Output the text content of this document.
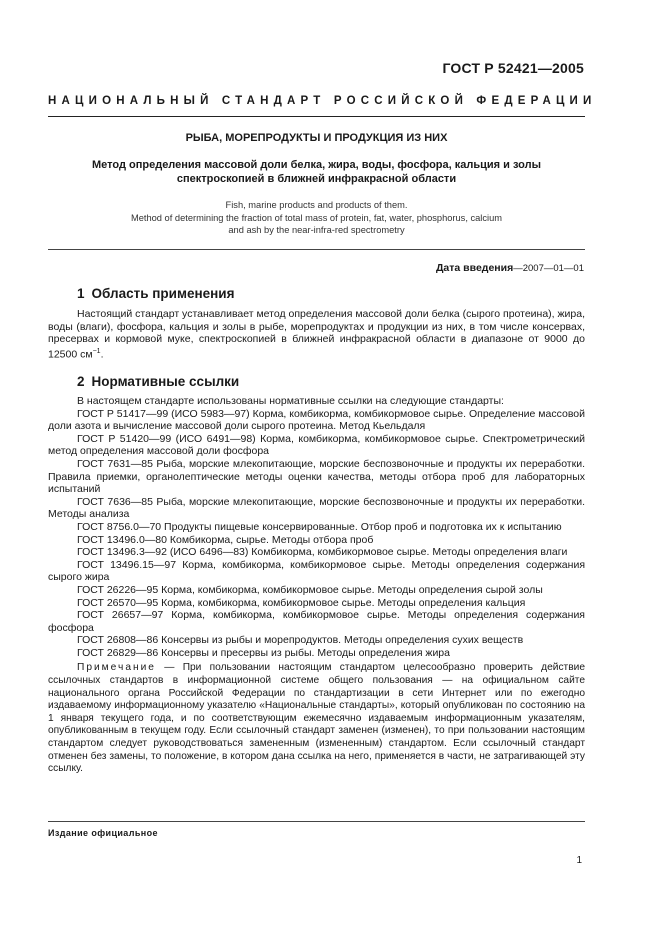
ГОСТ Р 52421—2005
НАЦИОНАЛЬНЫЙ СТАНДАРТ РОССИЙСКОЙ ФЕДЕРАЦИИ
РЫБА, МОРЕПРОДУКТЫ И ПРОДУКЦИЯ ИЗ НИХ
Метод определения массовой доли белка, жира, воды, фосфора, кальция и золы
спектроскопией в ближней инфракрасной области
Fish, marine products and products of them.
Method of determining the fraction of total mass of protein, fat, water, phosphorus, calcium
and ash by the near-infra-red spectrometry
Дата введения—2007—01—01
1 Область применения

Настоящий стандарт устанавливает метод определения массовой доли белка (сырого протеина), жира, воды (влаги), фосфора, кальция и золы в рыбе, морепродуктах и продукции из них, в том числе консервах, пресервах и кормовой муке, спектроскопией в ближней инфракрасной области в диапазоне от 9000 до 12500 $см^{-1}$.

2 Нормативные ссылки

В настоящем стандарте использованы нормативные ссылки на следующие стандарты:

ГОСТ Р 51417—99 (ИСО 5983—97) Корма, комбикорма, комбикормовое сырье. Определение массовой доли азота и вычисление массовой доли сырого протеина. Метод Кьельдаля

ГОСТ Р 51420—99 (ИСО 6491—98) Корма, комбикорма, комбикормовое сырье. Спектрометрический метод определения массовой доли фосфора

ГОСТ 7631—85 Рыба, морские млекопитающие, морские беспозвоночные и продукты их переработки. Правила приемки, органолептические методы оценки качества, методы отбора проб для лабораторных испытаний

ГОСТ 7636—85 Рыба, морские млекопитающие, морские беспозвоночные и продукты их переработки. Методы анализа

ГОСТ 8756.0—70 Продукты пищевые консервированные. Отбор проб и подготовка их к испытанию

ГОСТ 13496.0—80 Комбикорма, сырье. Методы отбора проб

ГОСТ 13496.3—92 (ИСО 6496—83) Комбикорма, комбикормовое сырье. Методы определения влаги

ГОСТ 13496.15—97 Корма, комбикорма, комбикормовое сырье. Методы определения содержания сырого жира

ГОСТ 26226—95 Корма, комбикорма, комбикормовое сырье. Методы определения сырой золы

ГОСТ 26570—95 Корма, комбикорма, комбикормовое сырье. Методы определения кальция

ГОСТ 26657—97 Корма, комбикорма, комбикормовое сырье. Методы определения содержания фосфора

ГОСТ 26808—86 Консервы из рыбы и морепродуктов. Методы определения сухих веществ

ГОСТ 26829—86 Консервы и пресервы из рыбы. Методы определения жира

Примечание — При пользовании настоящим стандартом целесообразно проверить действие ссылочных стандартов в информационной системе общего пользования — на официальном сайте национального органа Российской Федерации по стандартизации в сети Интернет или по ежегодно издаваемому информационному указателю «Национальные стандарты», который опубликован по состоянию на 1 января текущего года, и по соответствующим ежемесячно издаваемым информационным указателям, опубликованным в текущем году. Если ссылочный стандарт заменен (изменен), то при пользовании настоящим стандартом следует руководствоваться замененным (измененным) стандартом. Если ссылочный стандарт отменен без замены, то положение, в котором дана ссылка на него, применяется в части, не затрагивающей эту ссылку.

Издание официальное
1
